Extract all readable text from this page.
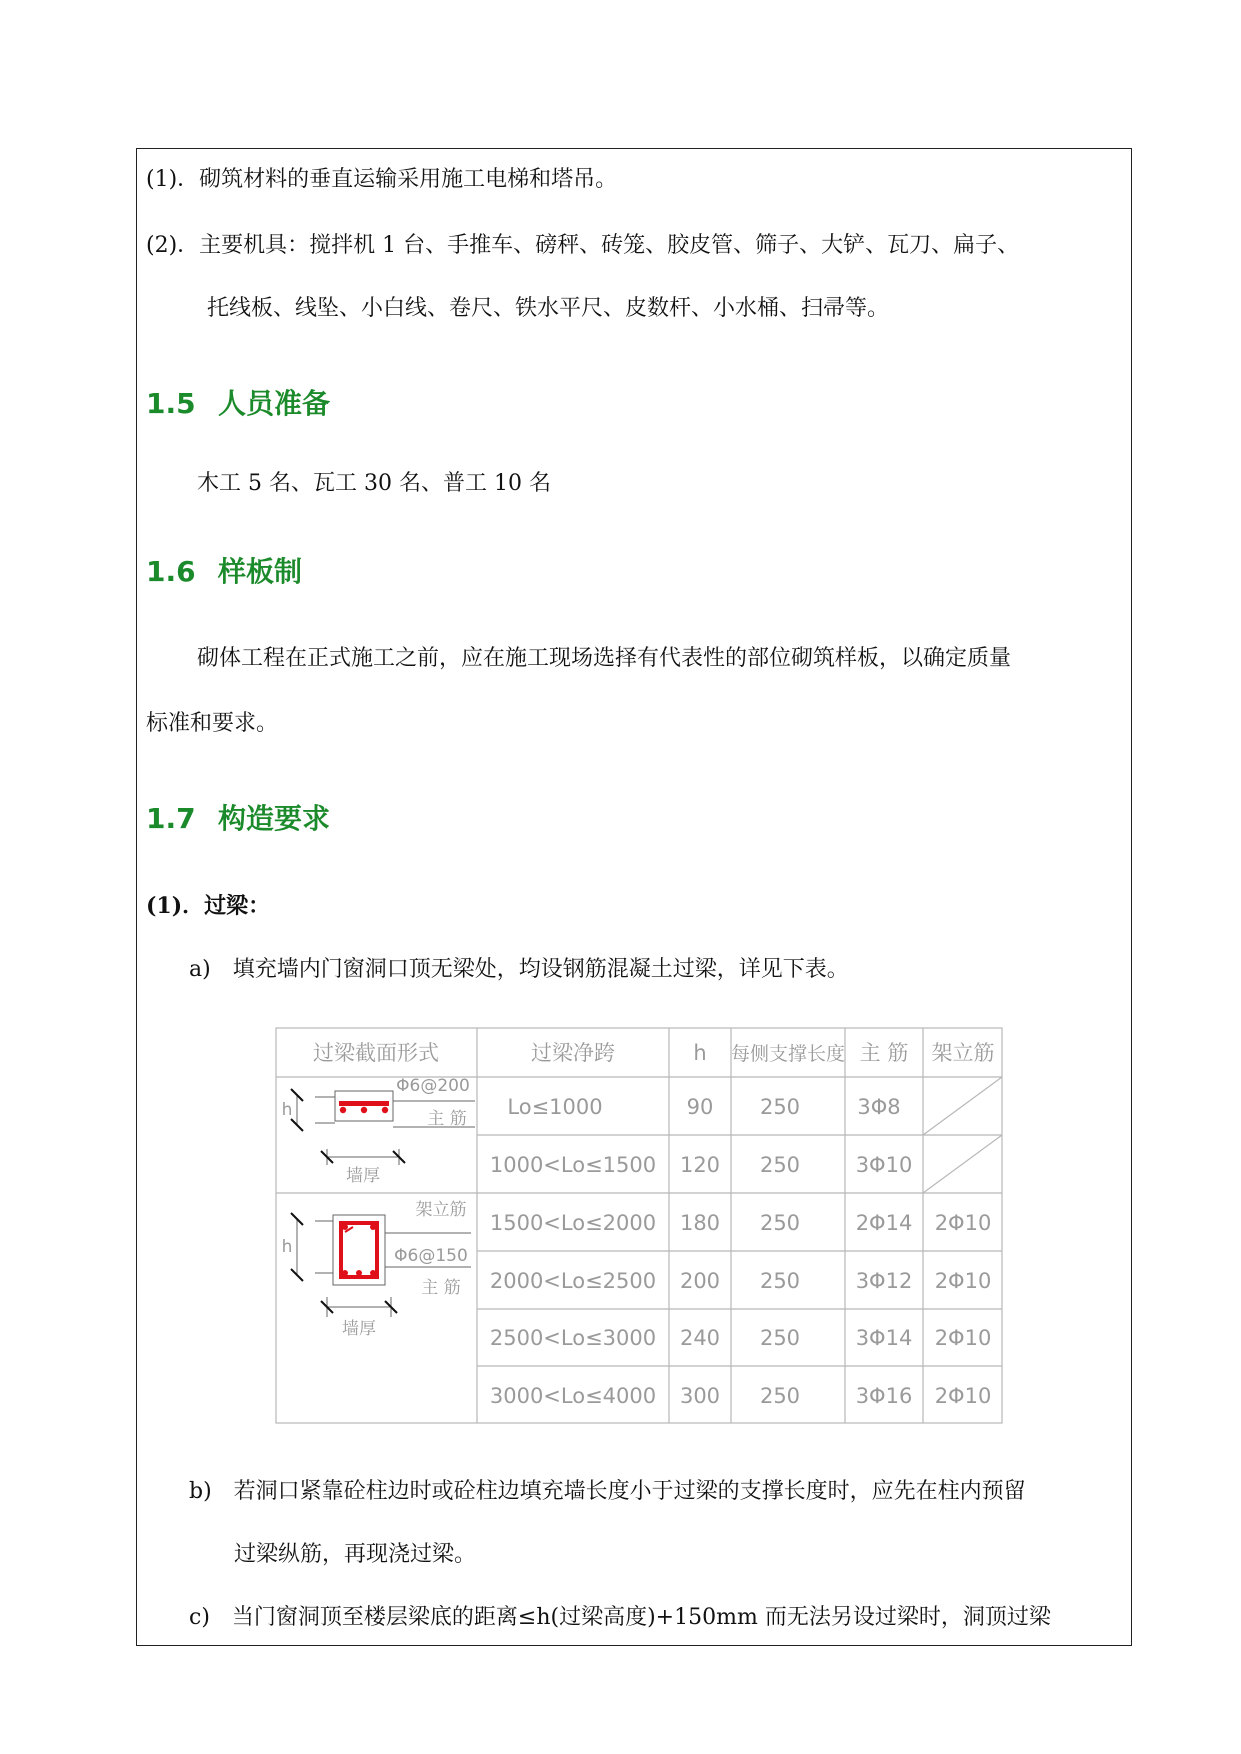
(1)．砌筑材料的垂直运输采用施工电梯和塔吊。
(2)．主要机具：搅拌机 1 台、手推车、磅秤、砖笼、胶皮管、筛子、大铲、瓦刀、扁子、
托线板、线坠、小白线、卷尺、铁水平尺、皮数杆、小水桶、扫帚等。
1.5 人员准备
木工 5 名、瓦工 30 名、普工 10 名
1.6 样板制
砌体工程在正式施工之前，应在施工现场选择有代表性的部位砌筑样板，以确定质量
标准和要求。
1.7 构造要求
(1)．过梁：
a)　填充墙内门窗洞口顶无梁处，均设钢筋混凝土过梁，详见下表。
过梁截面形式	过梁净跨	h 每侧支撑长度 主 筋 架立筋
Lo≤1000	90 250	3Φ8
1000<Lo≤1500 120 250	3Φ10
1500<Lo≤2000 180 250	2Φ14 2Φ10
2000<Lo≤2500 200 250	3Φ12 2Φ10
2500<Lo≤3000 240 250	3Φ14 2Φ10
3000<Lo≤4000 300 250	3Φ16 2Φ10
Φ6@200
主 筋
墙厚
h
架立筋
Φ6@150
主 筋
墙厚
h
b)　若洞口紧靠砼柱边时或砼柱边填充墙长度小于过梁的支撑长度时，应先在柱内预留
过梁纵筋，再现浇过梁。
c)　当门窗洞顶至楼层梁底的距离≤h(过梁高度)+150mm 而无法另设过梁时，洞顶过梁
